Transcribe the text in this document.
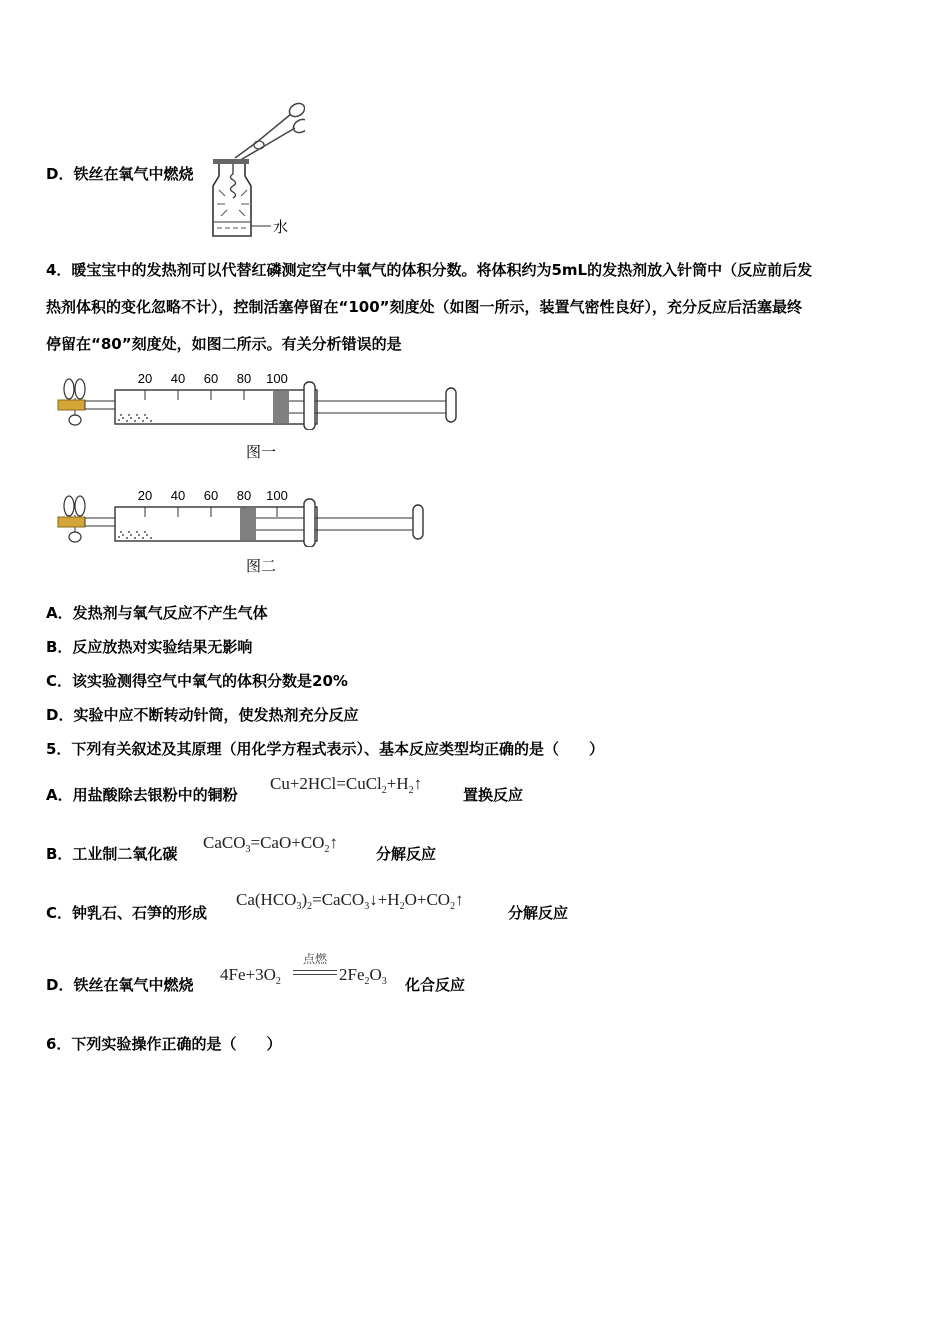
D．铁丝在氧气中燃烧
水
4．暖宝宝中的发热剂可以代替红磷测定空气中氧气的体积分数。将体积约为5mL的发热剂放入针筒中（反应前后发
热剂体积的变化忽略不计），控制活塞停留在“100”刻度处（如图一所示，装置气密性良好），充分反应后活塞最终
停留在“80”刻度处，如图二所示。有关分析错误的是
20 40 60 80 100
图一
20 40 60 80 100
图二
A．发热剂与氧气反应不产生气体
B．反应放热对实验结果无影响
C．该实验测得空气中氧气的体积分数是20%
D．实验中应不断转动针筒，使发热剂充分反应
5．下列有关叙述及其原理（用化学方程式表示）、基本反应类型均正确的是（　　）
A．用盐酸除去银粉中的铜粉
$Cu+2HCl=CuCl_2+H_2↑$
置换反应
B．工业制二氧化碳
$CaCO_3=CaO+CO_2↑$
分解反应
C．钟乳石、石笋的形成
$Ca(HCO_3)_2=CaCO_3↓+H_2O+CO_2↑$
分解反应
D．铁丝在氧气中燃烧
$4Fe+3O_2$
点燃
$2Fe_2O_3$ 化合反应
6．下列实验操作正确的是（　　）
